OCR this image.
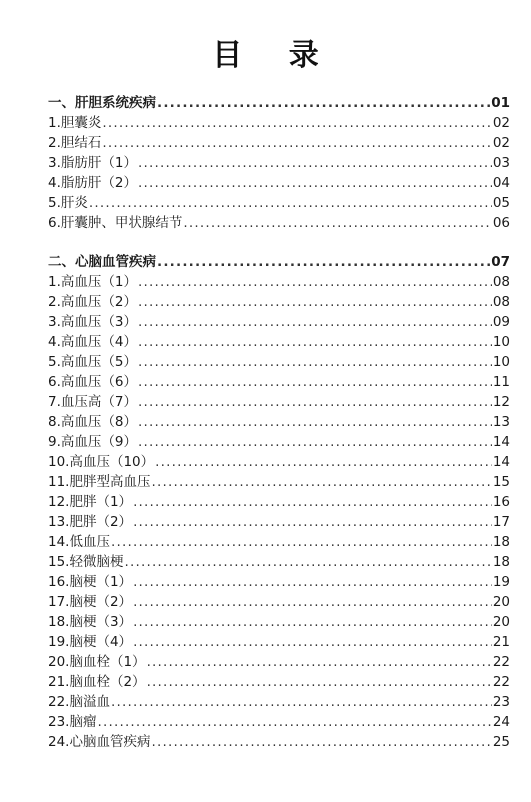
目 录
一、肝胆系统疾病 .....	01
1.胆囊炎 .....	02
2.胆结石 .....	02
3.脂肪肝（1） .....	03
4.脂肪肝（2） .....	04
5.肝炎 .....	05
6.肝囊肿、甲状腺结节 .....	06
二、心脑血管疾病 .....	07
1.高血压（1） .....	08
2.高血压（2） .....	08
3.高血压（3） .....	09
4.高血压（4） .....	10
5.高血压（5） .....	10
6.高血压（6） .....	11
7.血压高（7） .....	12
8.高血压（8） .....	13
9.高血压（9） .....	14
10.高血压（10） .....	14
11.肥胖型高血压 .....	15
12.肥胖（1） .....	16
13.肥胖（2） .....	17
14.低血压 .....	18
15.轻微脑梗 .....	18
16.脑梗（1） .....	19
17.脑梗（2） .....	20
18.脑梗（3） .....	20
19.脑梗（4） .....	21
20.脑血栓（1） .....	22
21.脑血栓（2） .....	22
22.脑溢血 .....	23
23.脑瘤 .....	24
24.心脑血管疾病 .....	25
